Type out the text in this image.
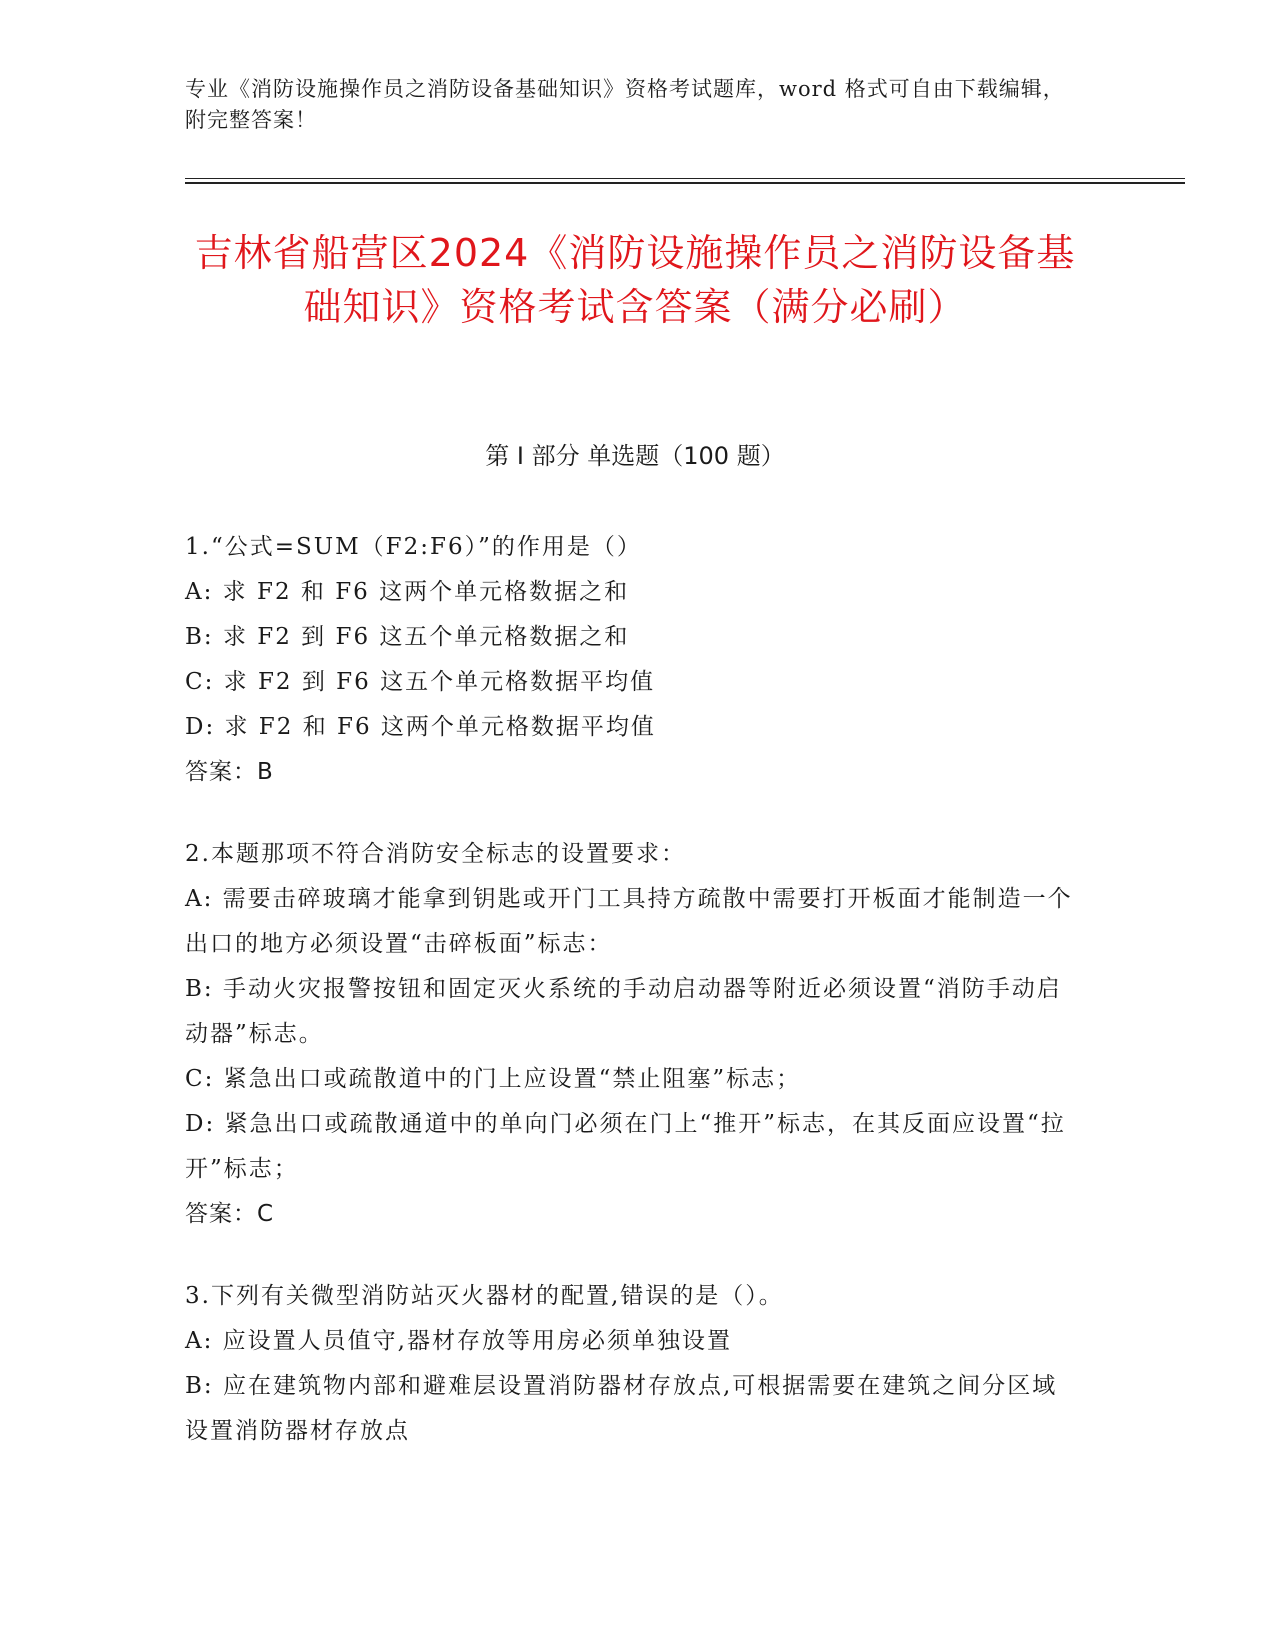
专业《消防设施操作员之消防设备基础知识》资格考试题库，word 格式可自由下载编辑，附完整答案！
吉林省船营区2024《消防设施操作员之消防设备基础知识》资格考试含答案（满分必刷）
第 I 部分 单选题（100 题）
1.“公式=SUM（F2:F6）”的作用是（）
A: 求 F2 和 F6 这两个单元格数据之和
B: 求 F2 到 F6 这五个单元格数据之和
C: 求 F2 到 F6 这五个单元格数据平均值
D: 求 F2 和 F6 这两个单元格数据平均值
答案：B
2.本题那项不符合消防安全标志的设置要求：
A: 需要击碎玻璃才能拿到钥匙或开门工具持方疏散中需要打开板面才能制造一个出口的地方必须设置“击碎板面”标志：
B: 手动火灾报警按钮和固定灭火系统的手动启动器等附近必须设置“消防手动启动器”标志。
C: 紧急出口或疏散道中的门上应设置“禁止阻塞”标志；
D: 紧急出口或疏散通道中的单向门必须在门上“推开”标志，在其反面应设置“拉开”标志；
答案：C
3.下列有关微型消防站灭火器材的配置,错误的是（）。
A: 应设置人员值守,器材存放等用房必须单独设置
B: 应在建筑物内部和避难层设置消防器材存放点,可根据需要在建筑之间分区域设置消防器材存放点
